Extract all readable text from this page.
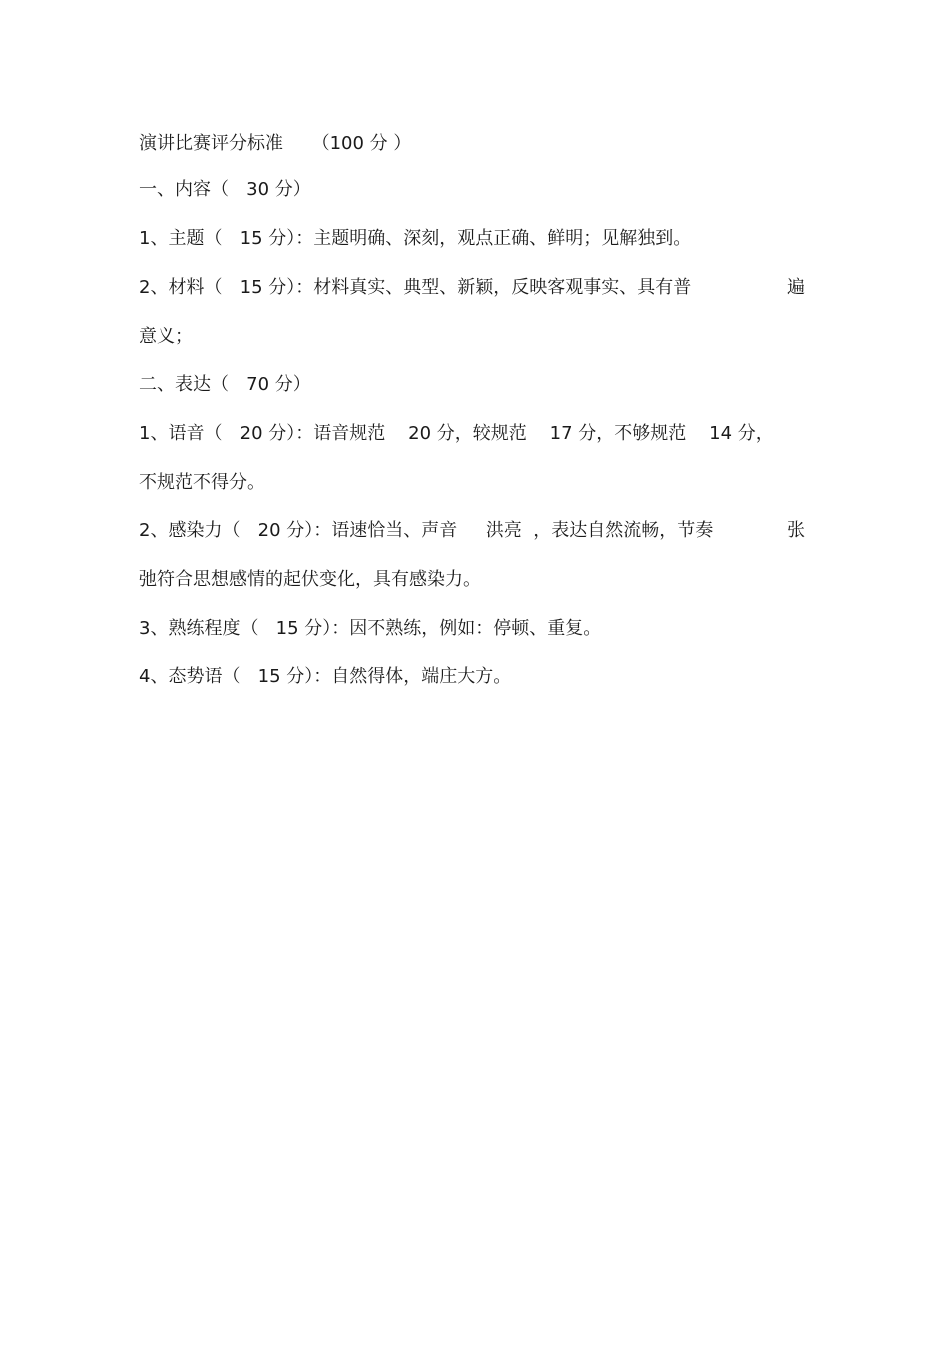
演讲比赛评分标准     （100 分 ）
一、内容（   30 分）
1、主题（   15 分）：主题明确、深刻，观点正确、鲜明；见解独到。
2、材料（   15 分）：材料真实、典型、新颖，反映客观事实、具有普	遍
意义；
二、表达（   70 分）
1、语音（   20 分）：语音规范    20 分，较规范    17 分，不够规范    14 分，
不规范不得分。
2、感染力（   20 分）：语速恰当、声音     洪亮  ，表达自然流畅，节奏	张
弛符合思想感情的起伏变化，具有感染力。
3、熟练程度（   15 分）：因不熟练，例如：停顿、重复。
4、态势语（   15 分）：自然得体，端庄大方。
